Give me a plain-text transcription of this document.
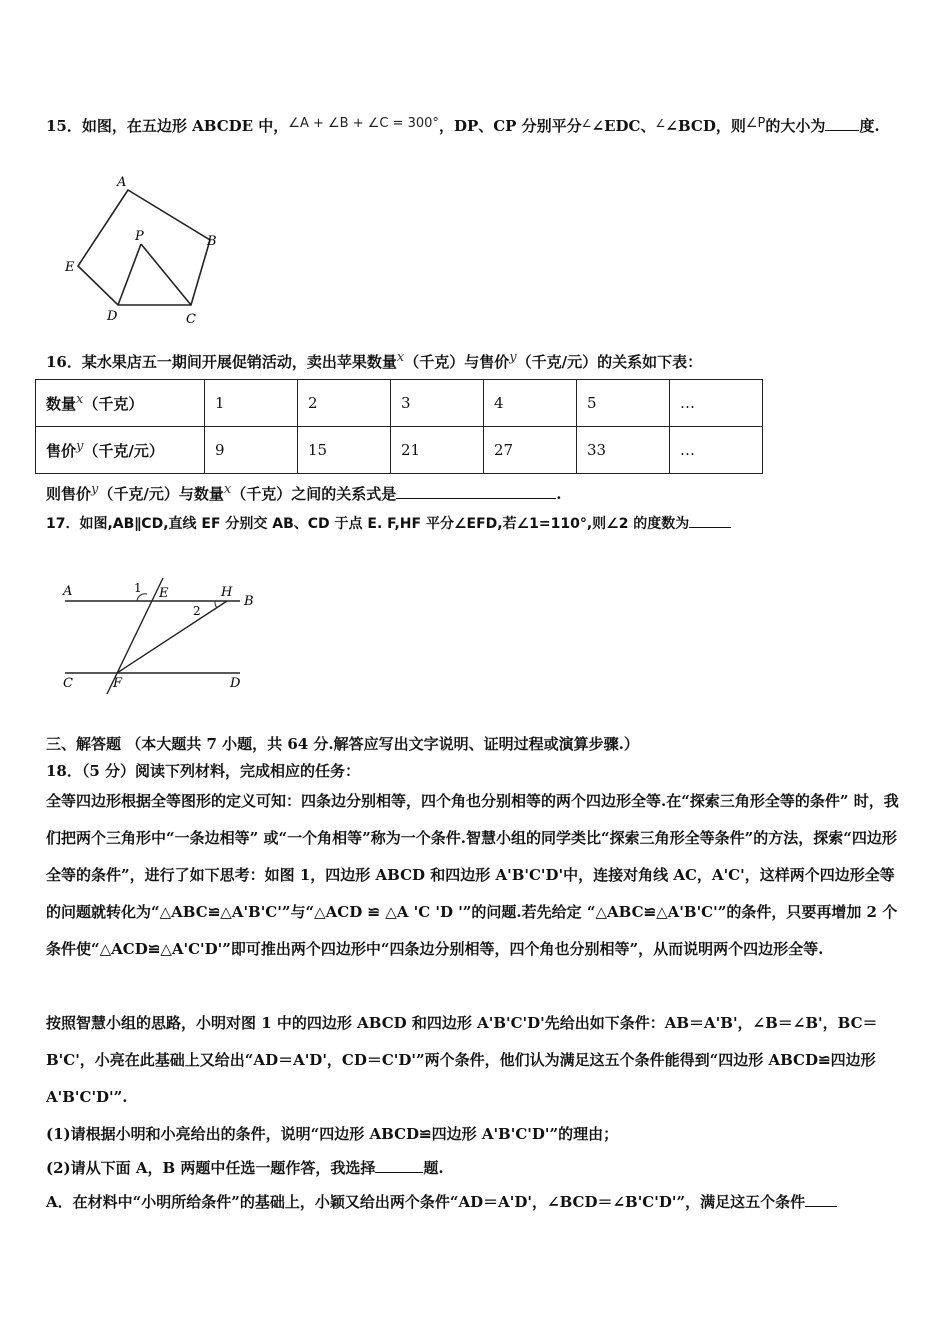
15．如图，在五边形 ABCDE 中，∠A + ∠B + ∠C = 300°，DP、CP 分别平分∠∠EDC、∠∠BCD，则∠P的大小为 度.
A
B
C
D
E
P
16．某水果店五一期间开展促销活动，卖出苹果数量x（千克）与售价y（千克/元）的关系如下表：
数量x（千克）	1	2	3	4	5	…
售价y（千克/元）	9	15	21	27	33	…
则售价y（千克/元）与数量x（千克）之间的关系式是	.
17．如图,AB∥CD,直线 EF 分别交 AB、CD 于点 E. F,HF 平分∠EFD,若∠1=110°,则∠2 的度数为
A
B
C	D
E
F
H
1
2
三、解答题 （本大题共 7 小题，共 64 分.解答应写出文字说明、证明过程或演算步骤.）
18．（5 分）阅读下列材料，完成相应的任务：
全等四边形根据全等图形的定义可知：四条边分别相等，四个角也分别相等的两个四边形全等.在“探索三角形全等的条件” 时，我们把两个三角形中“一条边相等” 或“一个角相等”称为一个条件.智慧小组的同学类比“探索三角形全等条件”的方法，探索“四边形全等的条件”，进行了如下思考：如图 1，四边形 ABCD 和四边形 A'B'C'D'中，连接对角线 AC，A'C'，这样两个四边形全等的问题就转化为“△ABC≌△A'B'C'”与“△ACD ≌ △A 'C 'D '”的问题.若先给定 “△ABC≌△A'B'C'”的条件，只要再增加 2 个条件使“△ACD≌△A'C'D'”即可推出两个四边形中“四条边分别相等，四个角也分别相等”，从而说明两个四边形全等.
按照智慧小组的思路，小明对图 1 中的四边形 ABCD 和四边形 A'B'C'D'先给出如下条件：AB＝A'B'，∠B＝∠B'，BC＝B'C'，小亮在此基础上又给出“AD＝A'D'，CD＝C'D'”两个条件，他们认为满足这五个条件能得到“四边形 ABCD≌四边形 A'B'C'D'”.
(1)请根据小明和小亮给出的条件，说明“四边形 ABCD≌四边形 A'B'C'D'”的理由；
(2)请从下面 A，B 两题中任选一题作答，我选择	题.
A．在材料中“小明所给条件”的基础上，小颖又给出两个条件“AD＝A'D'，∠BCD＝∠B'C'D'”，满足这五个条件
